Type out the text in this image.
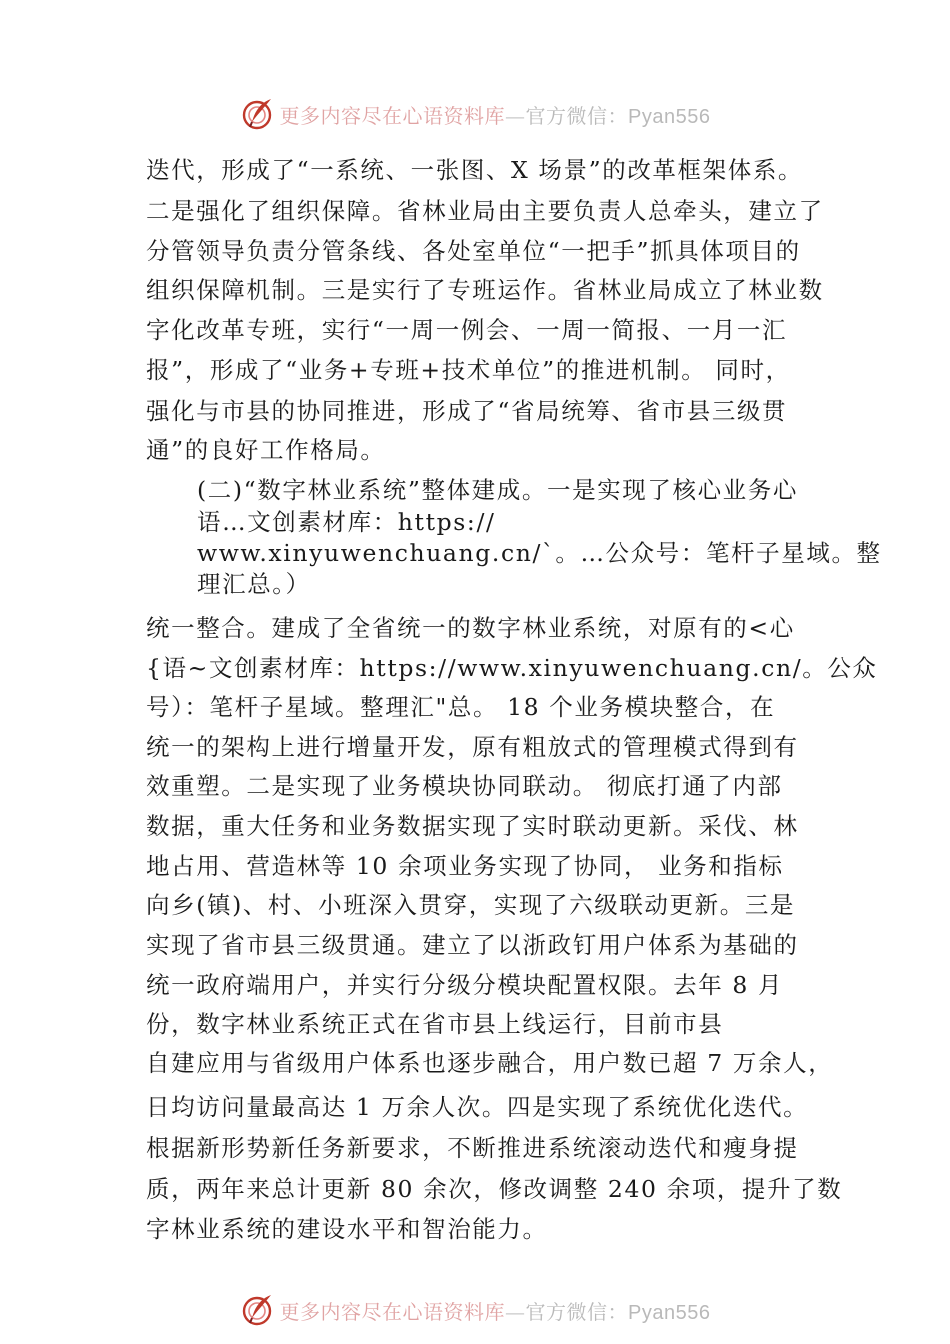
更多内容尽在心语资料库—官方微信：Pyan556
迭代，形成了“一系统、一张图、X 场景”的改革框架体系。
二是强化了组织保障。省林业局由主要负责人总牵头，建立了
分管领导负责分管条线、各处室单位“一把手”抓具体项目的
组织保障机制。三是实行了专班运作。省林业局成立了林业数
字化改革专班，实行“一周一例会、一周一简报、一月一汇
报”，形成了“业务+专班+技术单位”的推进机制。 同时，
强化与市县的协同推进，形成了“省局统筹、省市县三级贯
通”的良好工作格局。
(二)“数字林业系统”整体建成。一是实现了核心业务心
语…文创素材库：https://
www.xinyuwenchuang.cn/`。…公众号：笔杆子星域。整
理汇总。）
统一整合。建成了全省统一的数字林业系统，对原有的<心
{语~文创素材库：https://www.xinyuwenchuang.cn/。公众
号）：笔杆子星域。整理汇"总。 18 个业务模块整合，在
统一的架构上进行增量开发，原有粗放式的管理模式得到有
效重塑。二是实现了业务模块协同联动。 彻底打通了内部
数据，重大任务和业务数据实现了实时联动更新。采伐、林
地占用、营造林等 10 余项业务实现了协同， 业务和指标
向乡(镇)、村、小班深入贯穿，实现了六级联动更新。三是
实现了省市县三级贯通。建立了以浙政钉用户体系为基础的
统一政府端用户，并实行分级分模块配置权限。去年 8 月
份，数字林业系统正式在省市县上线运行，目前市县
自建应用与省级用户体系也逐步融合，用户数已超 7 万余人，
日均访问量最高达 1 万余人次。四是实现了系统优化迭代。
根据新形势新任务新要求，不断推进系统滚动迭代和瘦身提
质，两年来总计更新 80 余次，修改调整 240 余项，提升了数
字林业系统的建设水平和智治能力。
更多内容尽在心语资料库—官方微信：Pyan556
